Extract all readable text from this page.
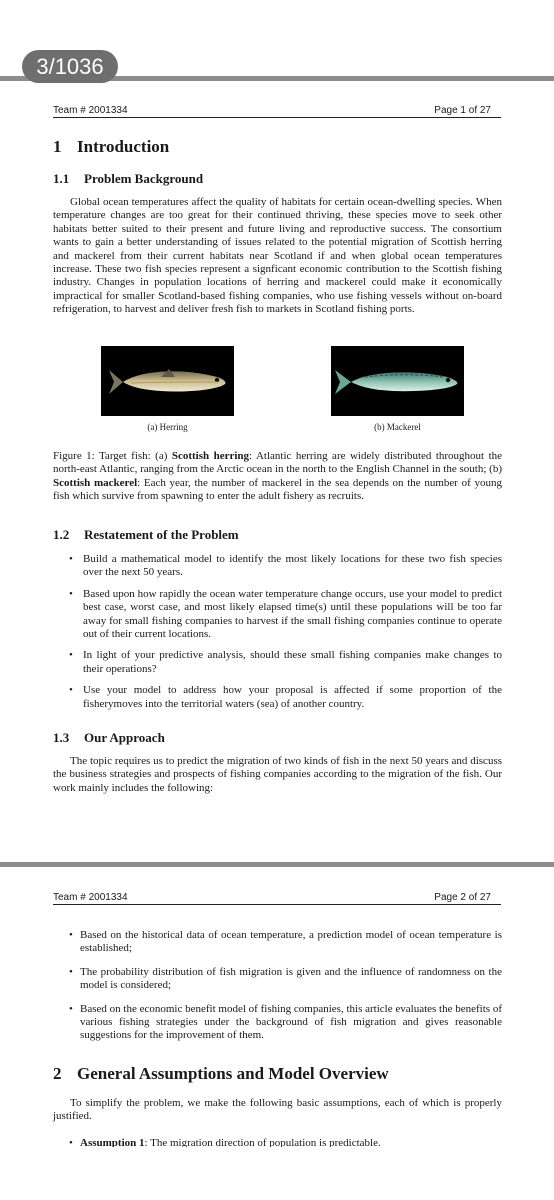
3/1036
Team # 2001334	Page 1 of 27
1 Introduction
1.1 Problem Background
Global ocean temperatures affect the quality of habitats for certain ocean-dwelling species. When temperature changes are too great for their continued thriving, these species move to seek other habitats better suited to their present and future living and reproductive success. The consortium wants to gain a better understanding of issues related to the potential migration of Scottish herring and mackerel from their current habitats near Scotland if and when global ocean temperatures increase. These two fish species represent a signficant economic contribution to the Scottish fishing industry. Changes in population locations of herring and mackerel could make it economically impractical for smaller Scotland-based fishing companies, who use fishing vessels without on-board refrigeration, to harvest and deliver fresh fish to markets in Scotland fishing ports.
(a) Herring	(b) Mackerel
Figure 1: Target fish: (a) Scottish herring: Atlantic herring are widely distributed throughout the north-east Atlantic, ranging from the Arctic ocean in the north to the English Channel in the south; (b) Scottish mackerel: Each year, the number of mackerel in the sea depends on the number of young fish which survive from spawning to enter the adult fishery as recruits.
1.2 Restatement of the Problem
• Build a mathematical model to identify the most likely locations for these two fish species over the next 50 years.
• Based upon how rapidly the ocean water temperature change occurs, use your model to predict best case, worst case, and most likely elapsed time(s) until these populations will be too far away for small fishing companies to harvest if the small fishing companies continue to operate out of their current locations.
• In light of your predictive analysis, should these small fishing companies make changes to their operations?
• Use your model to address how your proposal is affected if some proportion of the fisherymoves into the territorial waters (sea) of another country.
1.3 Our Approach
The topic requires us to predict the migration of two kinds of fish in the next 50 years and discuss the business strategies and prospects of fishing companies according to the migration of the fish. Our work mainly includes the following:
Team # 2001334	Page 2 of 27
• Based on the historical data of ocean temperature, a prediction model of ocean temperature is established;
• The probability distribution of fish migration is given and the influence of randomness on the model is considered;
• Based on the economic benefit model of fishing companies, this article evaluates the benefits of various fishing strategies under the background of fish migration and gives reasonable suggestions for the improvement of them.
2 General Assumptions and Model Overview
To simplify the problem, we make the following basic assumptions, each of which is properly justified.
• Assumption 1: The migration direction of population is predictable.
